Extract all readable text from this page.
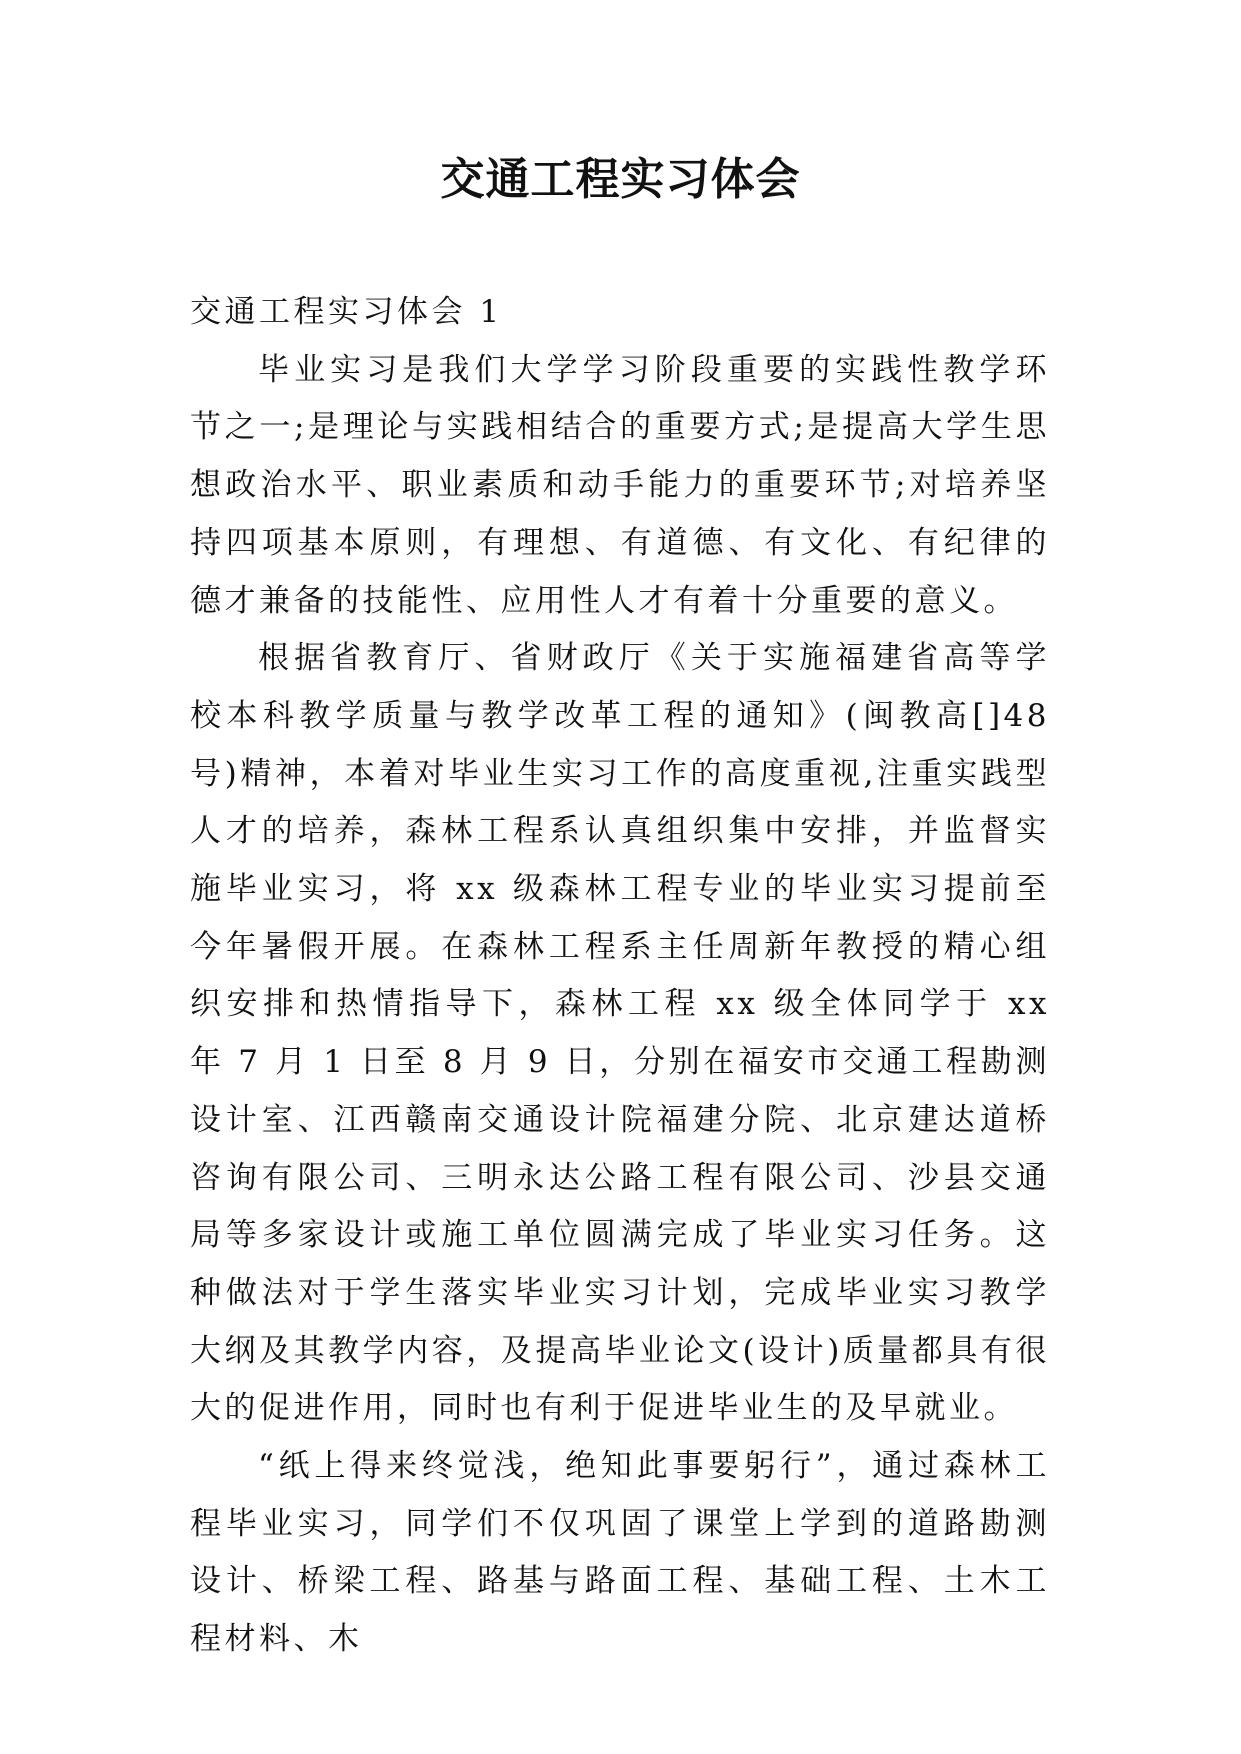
交通工程实习体会

交通工程实习体会 1

毕业实习是我们大学学习阶段重要的实践性教学环节之一;是理论与实践相结合的重要方式;是提高大学生思想政治水平、职业素质和动手能力的重要环节;对培养坚持四项基本原则，有理想、有道德、有文化、有纪律的德才兼备的技能性、应用性人才有着十分重要的意义。

根据省教育厅、省财政厅《关于实施福建省高等学校本科教学质量与教学改革工程的通知》(闽教高[]48 号)精神，本着对毕业生实习工作的高度重视,注重实践型人才的培养，森林工程系认真组织集中安排，并监督实施毕业实习，将 xx 级森林工程专业的毕业实习提前至今年暑假开展。在森林工程系主任周新年教授的精心组织安排和热情指导下，森林工程 xx 级全体同学于 xx 年 7 月 1 日至 8 月 9 日，分别在福安市交通工程勘测设计室、江西赣南交通设计院福建分院、北京建达道桥咨询有限公司、三明永达公路工程有限公司、沙县交通局等多家设计或施工单位圆满完成了毕业实习任务。这种做法对于学生落实毕业实习计划，完成毕业实习教学大纲及其教学内容，及提高毕业论文(设计)质量都具有很大的促进作用，同时也有利于促进毕业生的及早就业。

“纸上得来终觉浅，绝知此事要躬行”，通过森林工程毕业实习，同学们不仅巩固了课堂上学到的道路勘测设计、桥梁工程、路基与路面工程、基础工程、土木工程材料、木
